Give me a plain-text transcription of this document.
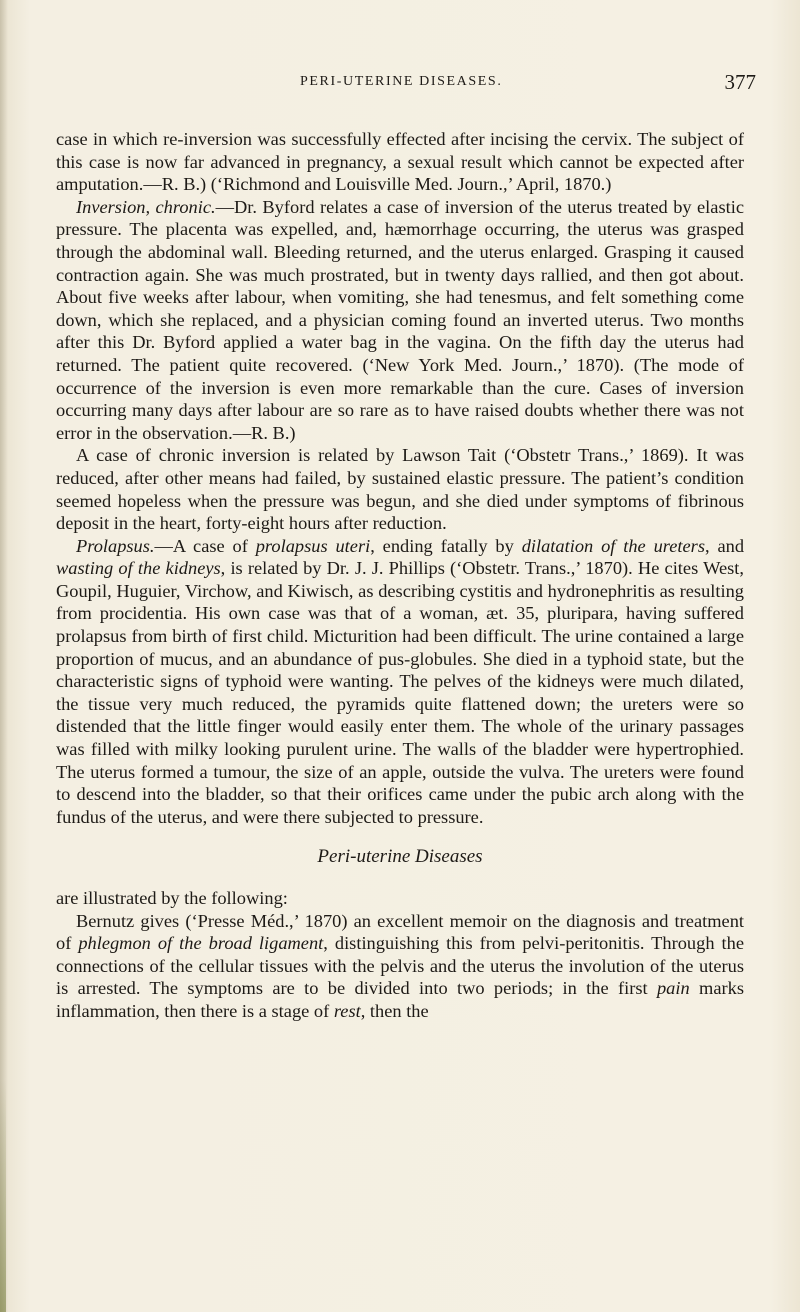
PERI-UTERINE DISEASES.	377

case in which re-inversion was successfully effected after incising the cervix. The subject of this case is now far advanced in pregnancy, a sexual result which cannot be expected after amputation.—R. B.) (‘Richmond and Louisville Med. Journ.,’ April, 1870.)

Inversion, chronic.—Dr. Byford relates a case of inversion of the uterus treated by elastic pressure. The placenta was expelled, and, hæmorrhage occurring, the uterus was grasped through the abdominal wall. Bleeding returned, and the uterus enlarged. Grasping it caused contraction again. She was much prostrated, but in twenty days rallied, and then got about. About five weeks after labour, when vomiting, she had tenesmus, and felt something come down, which she replaced, and a physician coming found an inverted uterus. Two months after this Dr. Byford applied a water bag in the vagina. On the fifth day the uterus had returned. The patient quite recovered. (‘New York Med. Journ.,’ 1870). (The mode of occurrence of the inversion is even more remarkable than the cure. Cases of inversion occurring many days after labour are so rare as to have raised doubts whether there was not error in the observation.—R. B.)

A case of chronic inversion is related by Lawson Tait (‘Obstetr Trans.,’ 1869). It was reduced, after other means had failed, by sustained elastic pressure. The patient’s condition seemed hopeless when the pressure was begun, and she died under symptoms of fibrinous deposit in the heart, forty-eight hours after reduction.

Prolapsus.—A case of prolapsus uteri, ending fatally by dilatation of the ureters, and wasting of the kidneys, is related by Dr. J. J. Phillips (‘Obstetr. Trans.,’ 1870). He cites West, Goupil, Huguier, Virchow, and Kiwisch, as describing cystitis and hydronephritis as resulting from procidentia. His own case was that of a woman, æt. 35, pluripara, having suffered prolapsus from birth of first child. Micturition had been difficult. The urine contained a large proportion of mucus, and an abundance of pus-globules. She died in a typhoid state, but the characteristic signs of typhoid were wanting. The pelves of the kidneys were much dilated, the tissue very much reduced, the pyramids quite flattened down; the ureters were so distended that the little finger would easily enter them. The whole of the urinary passages was filled with milky looking purulent urine. The walls of the bladder were hypertrophied. The uterus formed a tumour, the size of an apple, outside the vulva. The ureters were found to descend into the bladder, so that their orifices came under the pubic arch along with the fundus of the uterus, and were there subjected to pressure.

Peri-uterine Diseases

are illustrated by the following:

Bernutz gives (‘Presse Méd.,’ 1870) an excellent memoir on the diagnosis and treatment of phlegmon of the broad ligament, distinguishing this from pelvi-peritonitis. Through the connections of the cellular tissues with the pelvis and the uterus the involution of the uterus is arrested. The symptoms are to be divided into two periods; in the first pain marks inflammation, then there is a stage of rest, then the
